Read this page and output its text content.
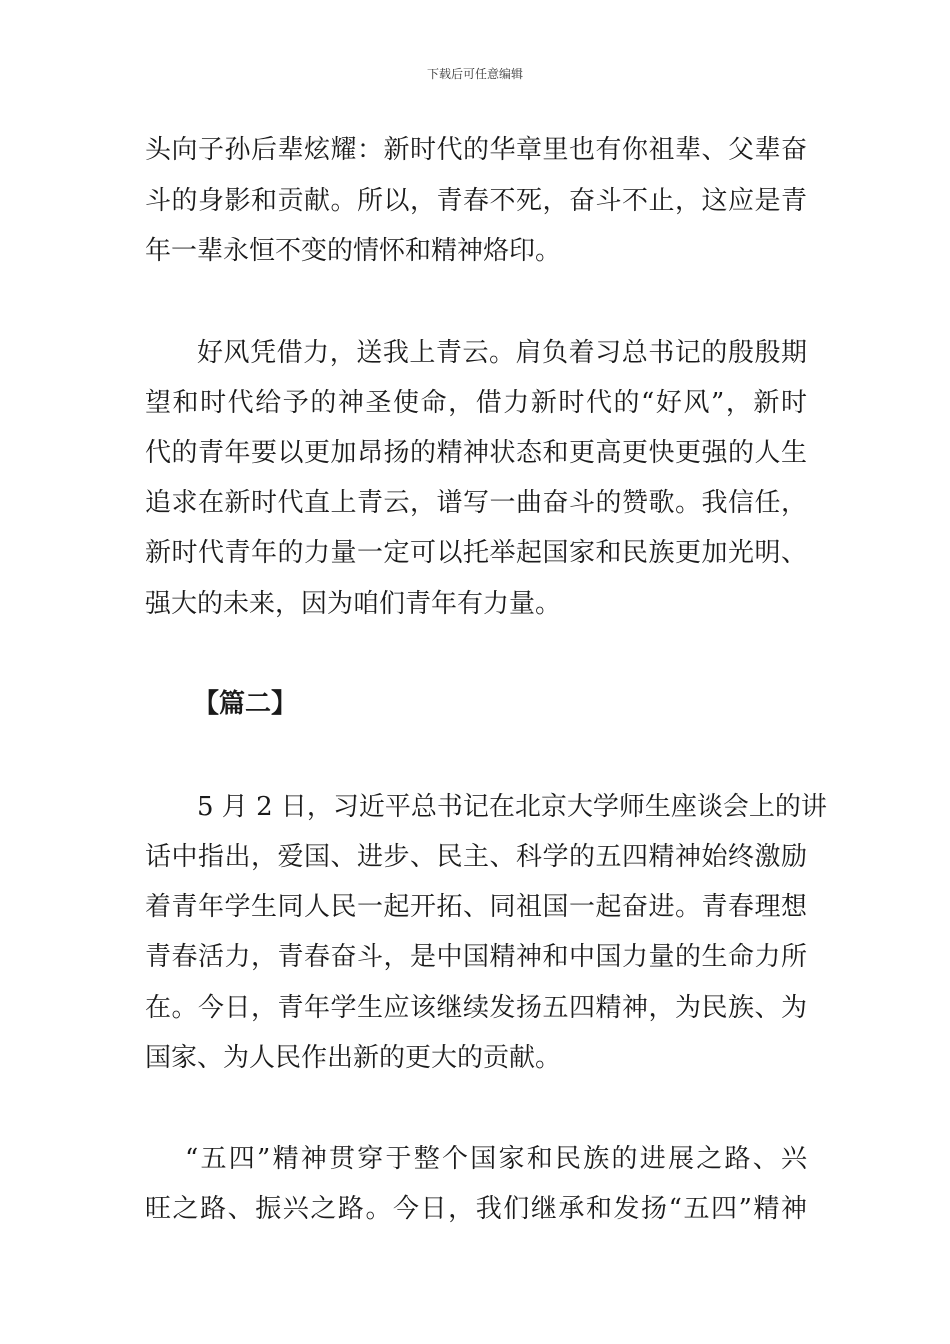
下载后可任意编辑
头向子孙后辈炫耀：新时代的华章里也有你祖辈、父辈奋
斗的身影和贡献。所以，青春不死，奋斗不止，这应是青
年一辈永恒不变的情怀和精神烙印。
好风凭借力，送我上青云。肩负着习总书记的殷殷期
望和时代给予的神圣使命，借力新时代的“好风”，新时
代的青年要以更加昂扬的精神状态和更高更快更强的人生
追求在新时代直上青云，谱写一曲奋斗的赞歌。我信任，
新时代青年的力量一定可以托举起国家和民族更加光明、
强大的未来，因为咱们青年有力量。
【篇二】
5 月 2 日，习近平总书记在北京大学师生座谈会上的讲
话中指出，爱国、进步、民主、科学的五四精神始终激励
着青年学生同人民一起开拓、同祖国一起奋进。青春理想
青春活力，青春奋斗，是中国精神和中国力量的生命力所
在。今日，青年学生应该继续发扬五四精神，为民族、为
国家、为人民作出新的更大的贡献。
“五四”精神贯穿于整个国家和民族的进展之路、兴
旺之路、振兴之路。今日，我们继承和发扬“五四”精神
